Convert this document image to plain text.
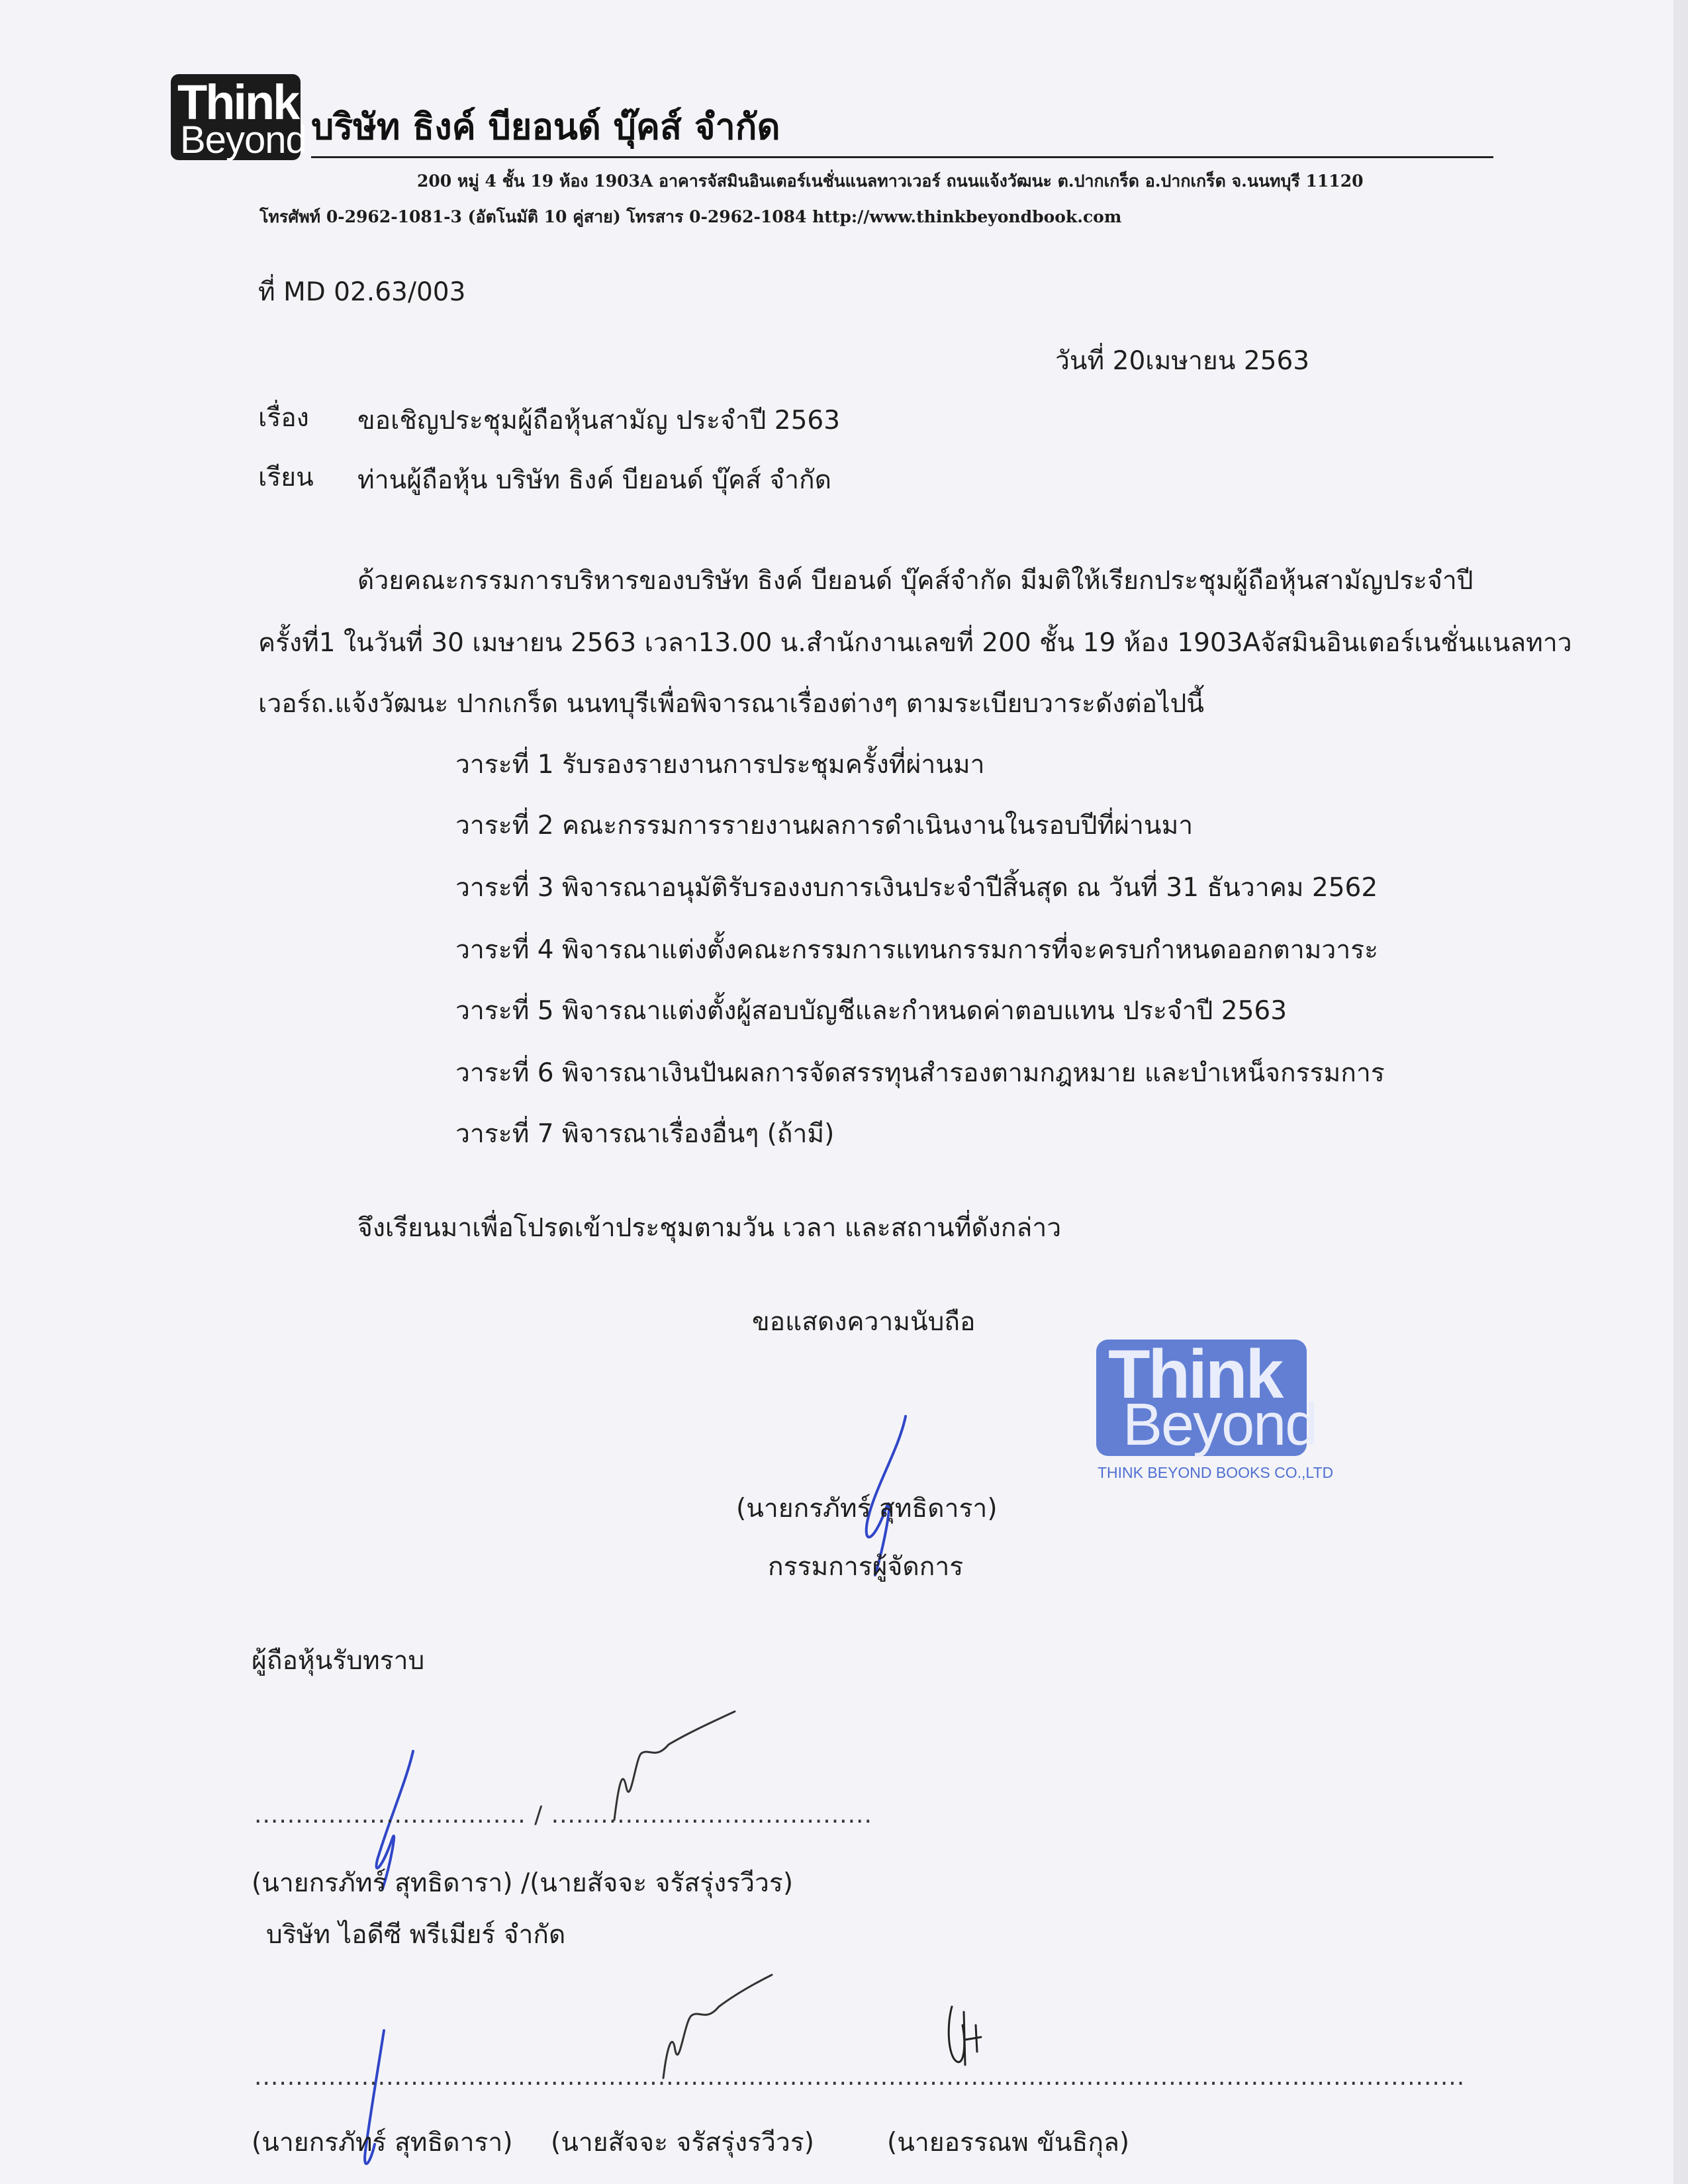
Think
Beyond บริษัท ธิงค์ บียอนด์ บุ๊คส์ จำกัด
200 หมู่ 4 ชั้น 19 ห้อง 1903A อาคารจัสมินอินเตอร์เนชั่นแนลทาวเวอร์ ถนนแจ้งวัฒนะ ต.ปากเกร็ด อ.ปากเกร็ด จ.นนทบุรี 11120
โทรศัพท์ 0-2962-1081-3 (อัตโนมัติ 10 คู่สาย) โทรสาร 0-2962-1084 http://www.thinkbeyondbook.com
ที่ MD 02.63/003
วันที่ 20เมษายน 2563
เรื่อง ขอเชิญประชุมผู้ถือหุ้นสามัญ ประจำปี 2563
เรียน ท่านผู้ถือหุ้น บริษัท ธิงค์ บียอนด์ บุ๊คส์ จำกัด
ด้วยคณะกรรมการบริหารของบริษัท ธิงค์ บียอนด์ บุ๊คส์จำกัด มีมติให้เรียกประชุมผู้ถือหุ้นสามัญประจำปี
ครั้งที่1 ในวันที่ 30 เมษายน 2563 เวลา13.00 น.สำนักงานเลขที่ 200 ชั้น 19 ห้อง 1903Aจัสมินอินเตอร์เนชั่นแนลทาว
เวอร์ถ.แจ้งวัฒนะ ปากเกร็ด นนทบุรีเพื่อพิจารณาเรื่องต่างๆ ตามระเบียบวาระดังต่อไปนี้
วาระที่ 1 รับรองรายงานการประชุมครั้งที่ผ่านมา
วาระที่ 2 คณะกรรมการรายงานผลการดำเนินงานในรอบปีที่ผ่านมา
วาระที่ 3 พิจารณาอนุมัติรับรองงบการเงินประจำปีสิ้นสุด ณ วันที่ 31 ธันวาคม 2562
วาระที่ 4 พิจารณาแต่งตั้งคณะกรรมการแทนกรรมการที่จะครบกำหนดออกตามวาระ
วาระที่ 5 พิจารณาแต่งตั้งผู้สอบบัญชีและกำหนดค่าตอบแทน ประจำปี 2563
วาระที่ 6 พิจารณาเงินปันผลการจัดสรรทุนสำรองตามกฎหมาย และบำเหน็จกรรมการ
วาระที่ 7 พิจารณาเรื่องอื่นๆ (ถ้ามี)
จึงเรียนมาเพื่อโปรดเข้าประชุมตามวัน เวลา และสถานที่ดังกล่าว
ขอแสดงความนับถือ
Think
Beyond
THINK BEYOND BOOKS CO.,LTD
(นายกรภัทร์ สุทธิดารา)
กรรมการผู้จัดการ
ผู้ถือหุ้นรับทราบ
................................. / .......................................
(นายกรภัทร์ สุทธิดารา) /(นายสัจจะ จรัสรุ่งรวีวร)
บริษัท ไอดีซี พรีเมียร์ จำกัด
...................................................................................................................................................
(นายกรภัทร์ สุทธิดารา) (นายสัจจะ จรัสรุ่งรวีวร)	(นายอรรณพ ขันธิกุล)
